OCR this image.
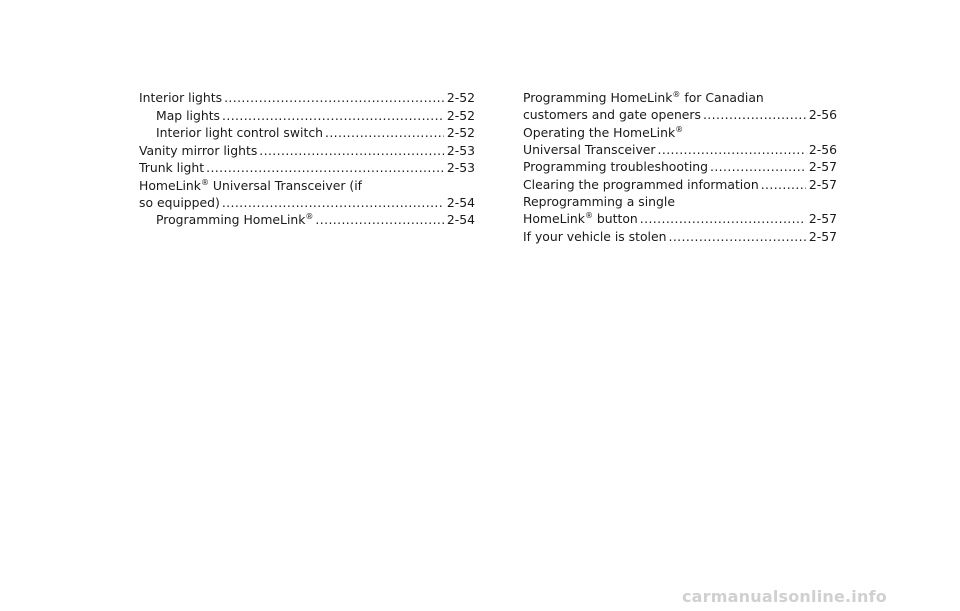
Interior lights .....	2-52
Map lights .....	2-52
Interior light control switch .....	2-52
Vanity mirror lights .....	2-53
Trunk light .....	2-53
HomeLink® Universal Transceiver (if
so equipped) .....	2-54
Programming HomeLink® .....	2-54
Programming HomeLink® for Canadian
customers and gate openers .....	2-56
Operating the HomeLink®
Universal Transceiver .....	2-56
Programming troubleshooting .....	2-57
Clearing the programmed information .....	2-57
Reprogramming a single
HomeLink® button .....	2-57
If your vehicle is stolen .....	2-57
carmanualsonline.info
